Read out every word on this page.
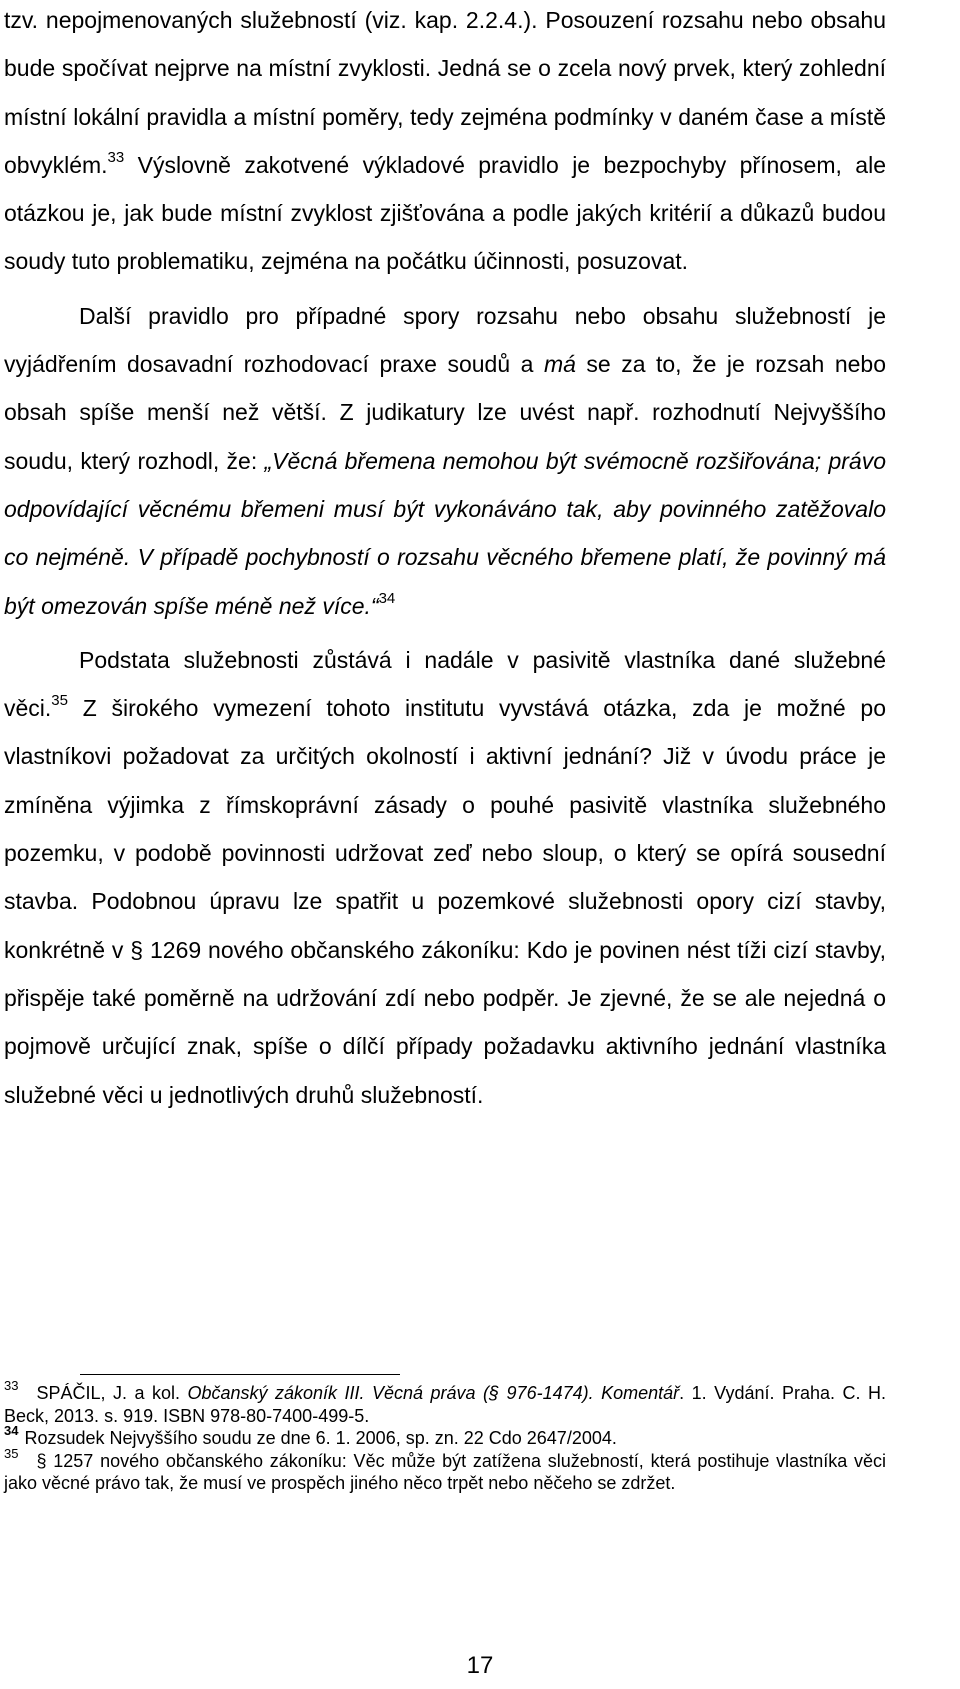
tzv. nepojmenovaných služebností (viz. kap. 2.2.4.). Posouzení rozsahu nebo obsahu bude spočívat nejprve na místní zvyklosti. Jedná se o zcela nový prvek, který zohlední místní lokální pravidla a místní poměry, tedy zejména podmínky v daném čase a místě obvyklém.$^{33}$ Výslovně zakotvené výkladové pravidlo je bezpochyby přínosem, ale otázkou je, jak bude místní zvyklost zjišťována a podle jakých kritérií a důkazů budou soudy tuto problematiku, zejména na počátku účinnosti, posuzovat.

Další pravidlo pro případné spory rozsahu nebo obsahu služebností je vyjádřením dosavadní rozhodovací praxe soudů a má se za to, že je rozsah nebo obsah spíše menší než větší. Z judikatury lze uvést např. rozhodnutí Nejvyššího soudu, který rozhodl, že: „Věcná břemena nemohou být svémocně rozšiřována; právo odpovídající věcnému břemeni musí být vykonáváno tak, aby povinného zatěžovalo co nejméně. V případě pochybností o rozsahu věcného břemene platí, že povinný má být omezován spíše méně než více.“$^{34}$

Podstata služebnosti zůstává i nadále v pasivitě vlastníka dané služebné věci.$^{35}$ Z širokého vymezení tohoto institutu vyvstává otázka, zda je možné po vlastníkovi požadovat za určitých okolností i aktivní jednání? Již v úvodu práce je zmíněna výjimka z římskoprávní zásady o pouhé pasivitě vlastníka služebného pozemku, v podobě povinnosti udržovat zeď nebo sloup, o který se opírá sousední stavba. Podobnou úpravu lze spatřit u pozemkové služebnosti opory cizí stavby, konkrétně v § 1269 nového občanského zákoníku: Kdo je povinen nést tíži cizí stavby, přispěje také poměrně na udržování zdí nebo podpěr. Je zjevné, že se ale nejedná o pojmově určující znak, spíše o dílčí případy požadavku aktivního jednání vlastníka služebné věci u jednotlivých druhů služebností.

$^{33}$ SPÁČIL, J. a kol. Občanský zákoník III. Věcná práva (§ 976-1474). Komentář. 1. Vydání. Praha. C. H. Beck, 2013. s. 919. ISBN 978-80-7400-499-5.

$^{34}$ Rozsudek Nejvyššího soudu ze dne 6. 1. 2006, sp. zn. 22 Cdo 2647/2004.

$^{35}$ § 1257 nového občanského zákoníku: Věc může být zatížena služebností, která postihuje vlastníka věci jako věcné právo tak, že musí ve prospěch jiného něco trpět nebo něčeho se zdržet.

17
